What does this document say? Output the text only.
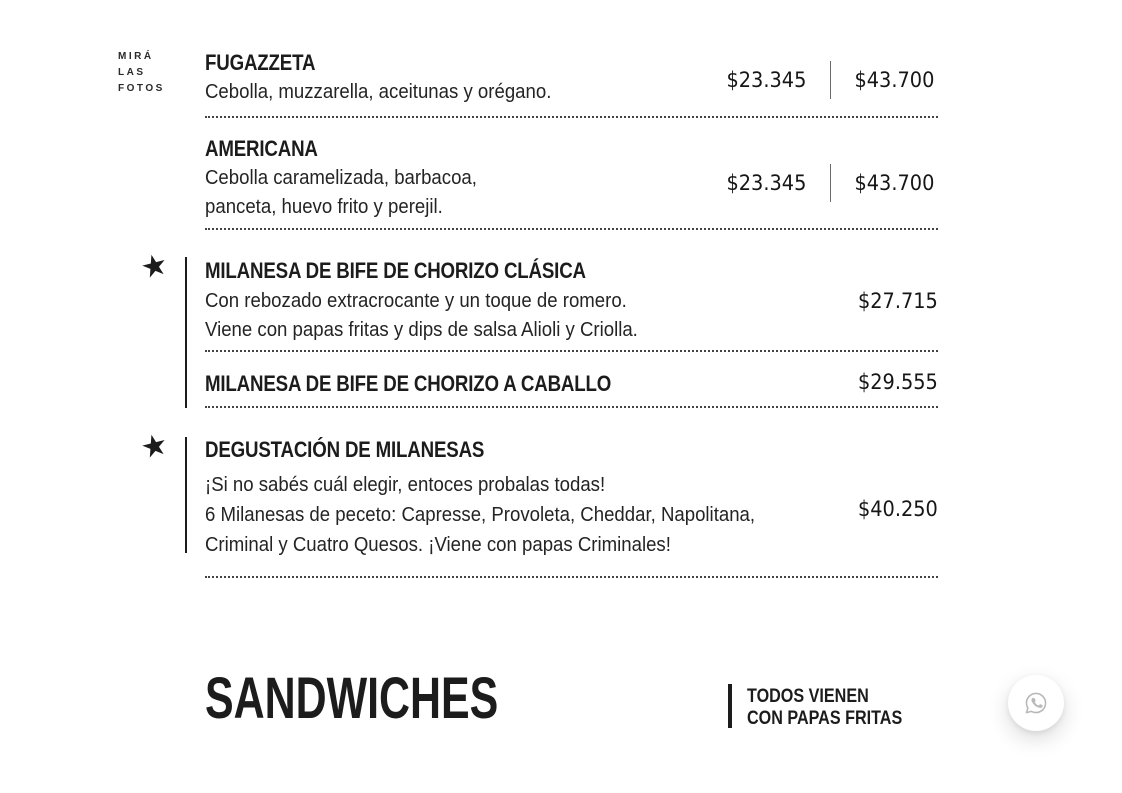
MIRÁ
LAS
FOTOS
FUGAZZETA
Cebolla, muzzarella, aceitunas y orégano.	$23.345 $43.700
AMERICANA
Cebolla caramelizada, barbacoa,
panceta, huevo frito y perejil.
$23.345 $43.700
★ MILANESA DE BIFE DE CHORIZO CLÁSICA
Con rebozado extracrocante y un toque de romero.
Viene con papas fritas y dips de salsa Alioli y Criolla.
$27.715
MILANESA DE BIFE DE CHORIZO A CABALLO	$29.555
★ DEGUSTACIÓN DE MILANESAS
¡Si no sabés cuál elegir, entoces probalas todas!
6 Milanesas de peceto: Capresse, Provoleta, Cheddar, Napolitana,
Criminal y Cuatro Quesos. ¡Viene con papas Criminales!
$40.250
SANDWICHES	TODOS VIENEN
CON PAPAS FRITAS
